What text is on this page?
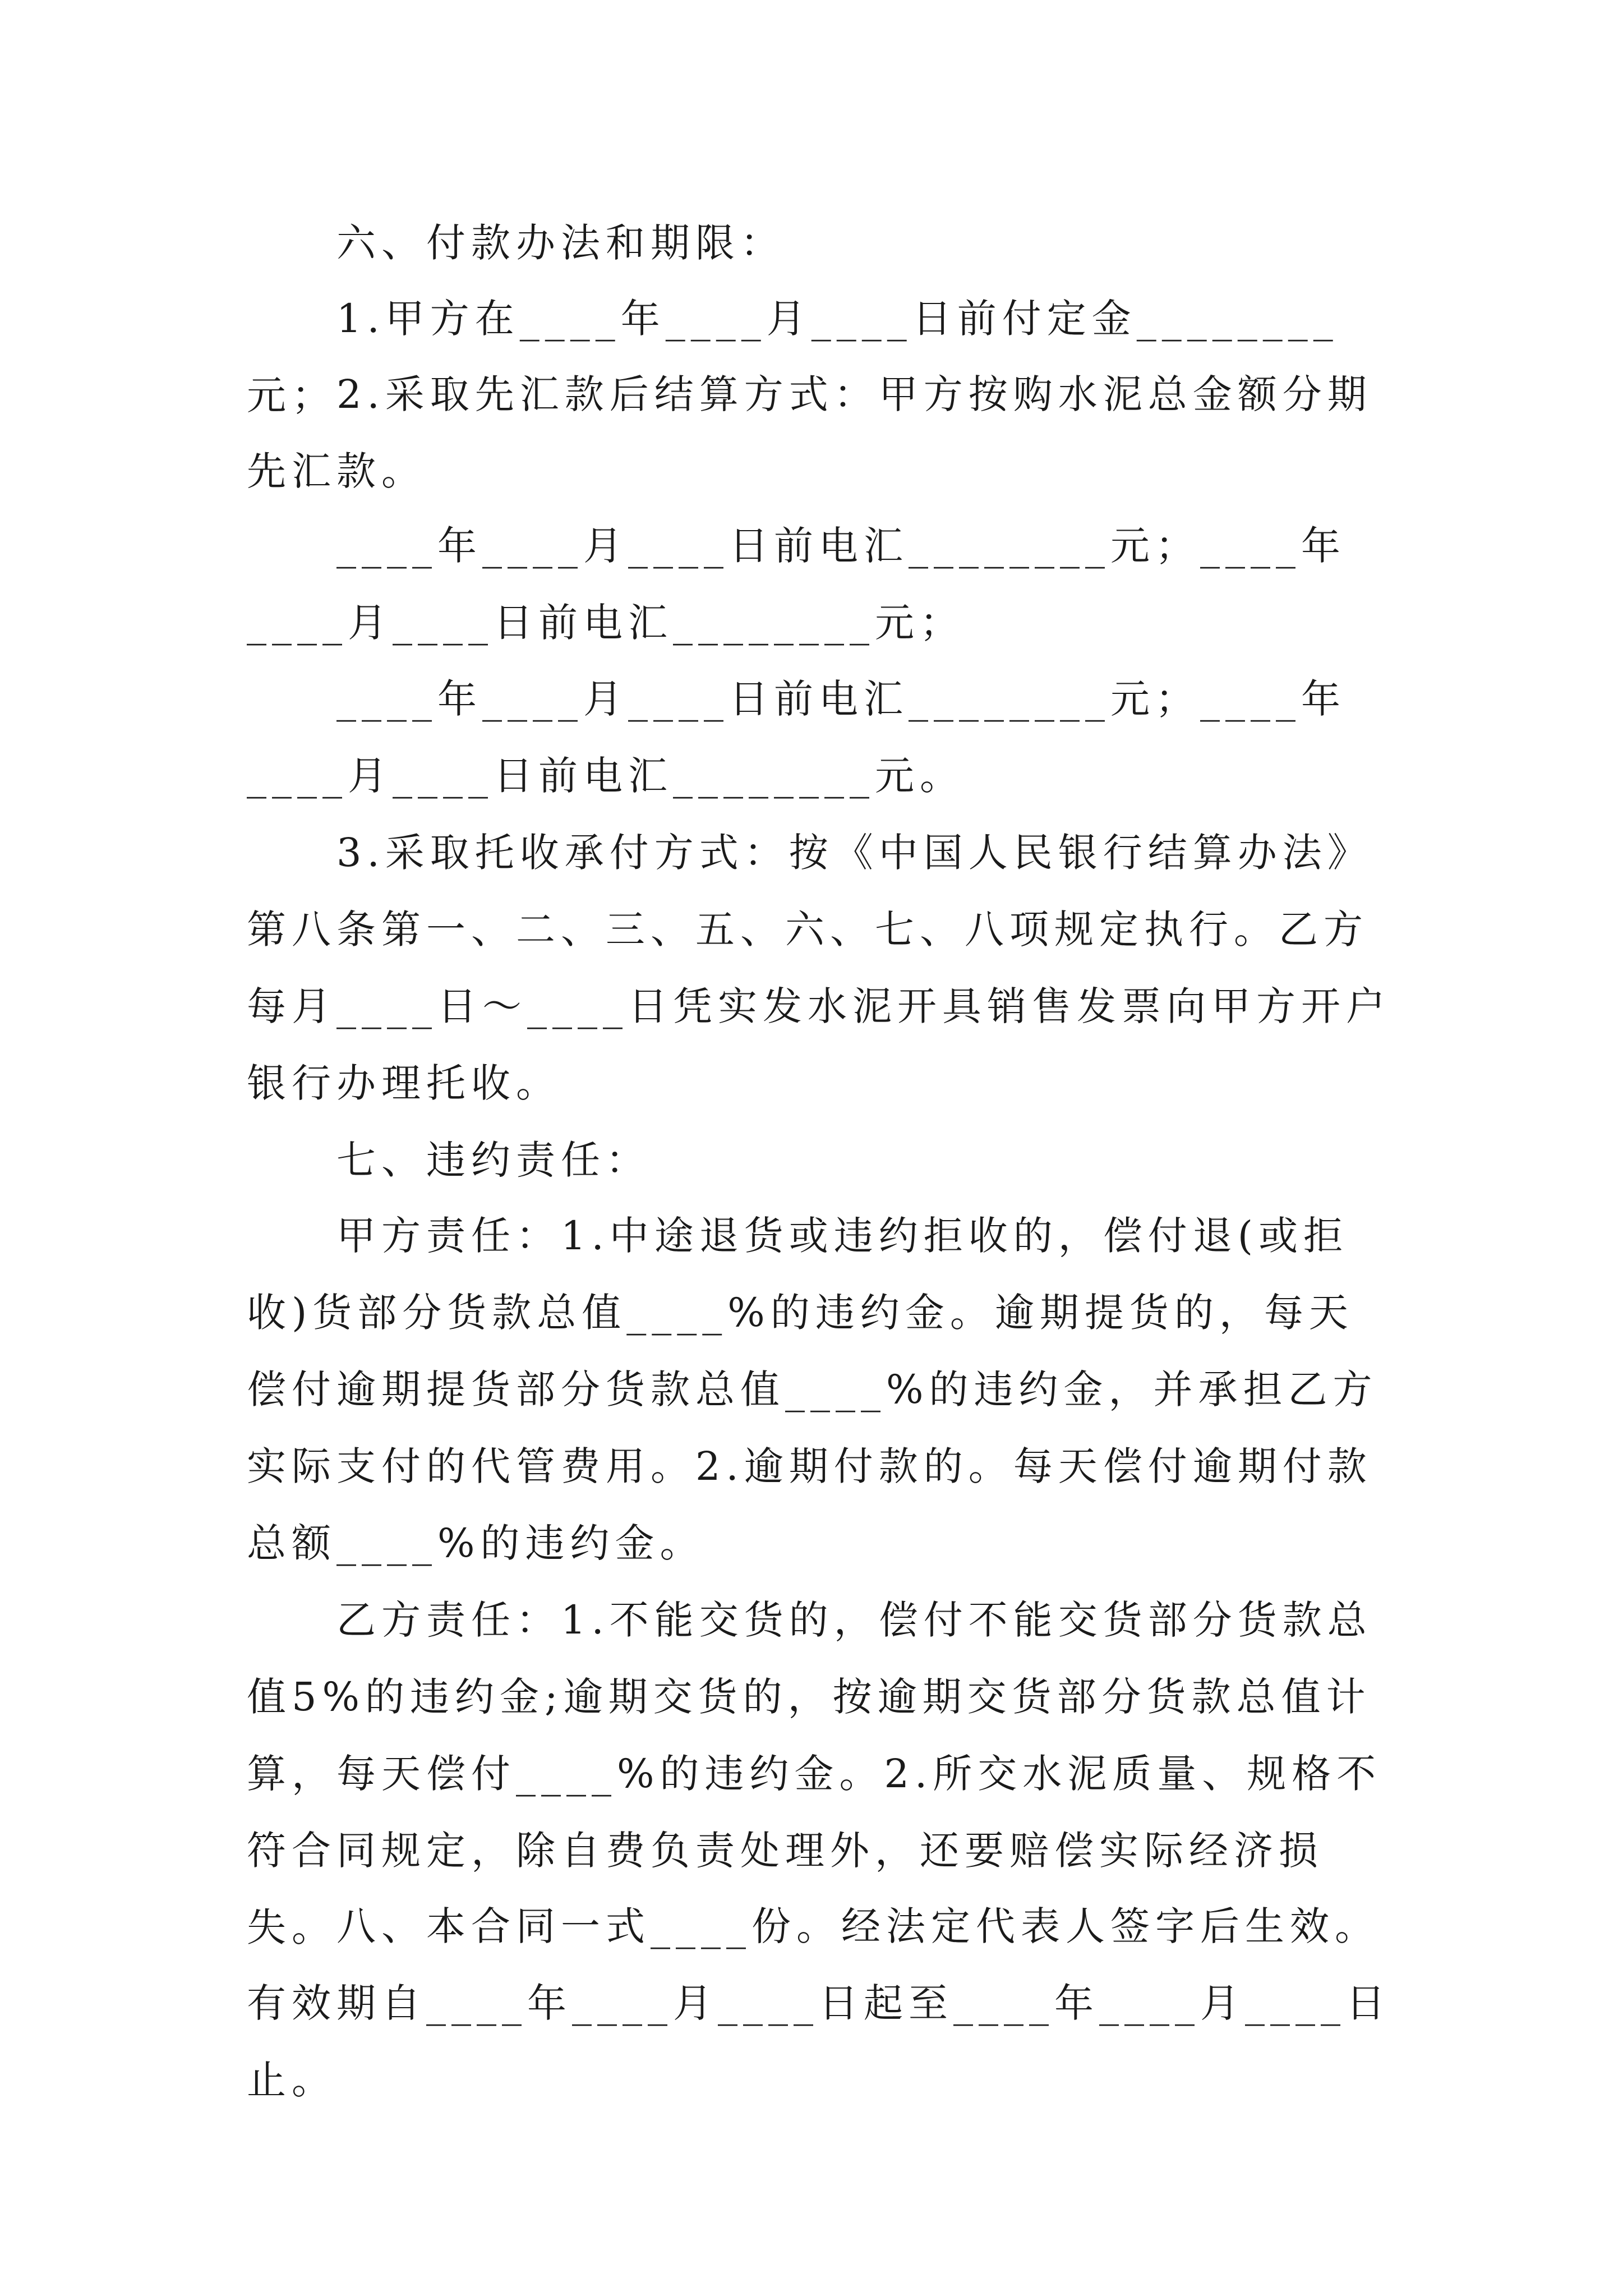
六、付款办法和期限：

1.甲方在____年____月____日前付定金________元； 2.采取先汇款后结算方式：甲方按购水泥总金额分期先汇款。

____年____月____日前电汇________元；____年____月____日前电汇________元；

____年____月____日前电汇________元；____年____月____日前电汇________元。

3.采取托收承付方式：按《中国人民银行结算办法》第八条第一、二、三、五、六、七、八项规定执行。乙方每月____日～____日凭实发水泥开具销售发票向甲方开户银行办理托收。

七、违约责任：

甲方责任：1.中途退货或违约拒收的，偿付退(或拒收)货部分货款总值____%的违约金。逾期提货的，每天偿付逾期提货部分货款总值____%的违约金，并承担乙方实际支付的代管费用。2.逾期付款的。每天偿付逾期付款总额____%的违约金。

乙方责任：1.不能交货的，偿付不能交货部分货款总值5%的违约金;逾期交货的，按逾期交货部分货款总值计算，每天偿付____%的违约金。2.所交水泥质量、规格不符合同规定，除自费负责处理外，还要赔偿实际经济损失。 八、本合同一式____份。经法定代表人签字后生效。有效期自____年____月____日起至____年____月____日止。
